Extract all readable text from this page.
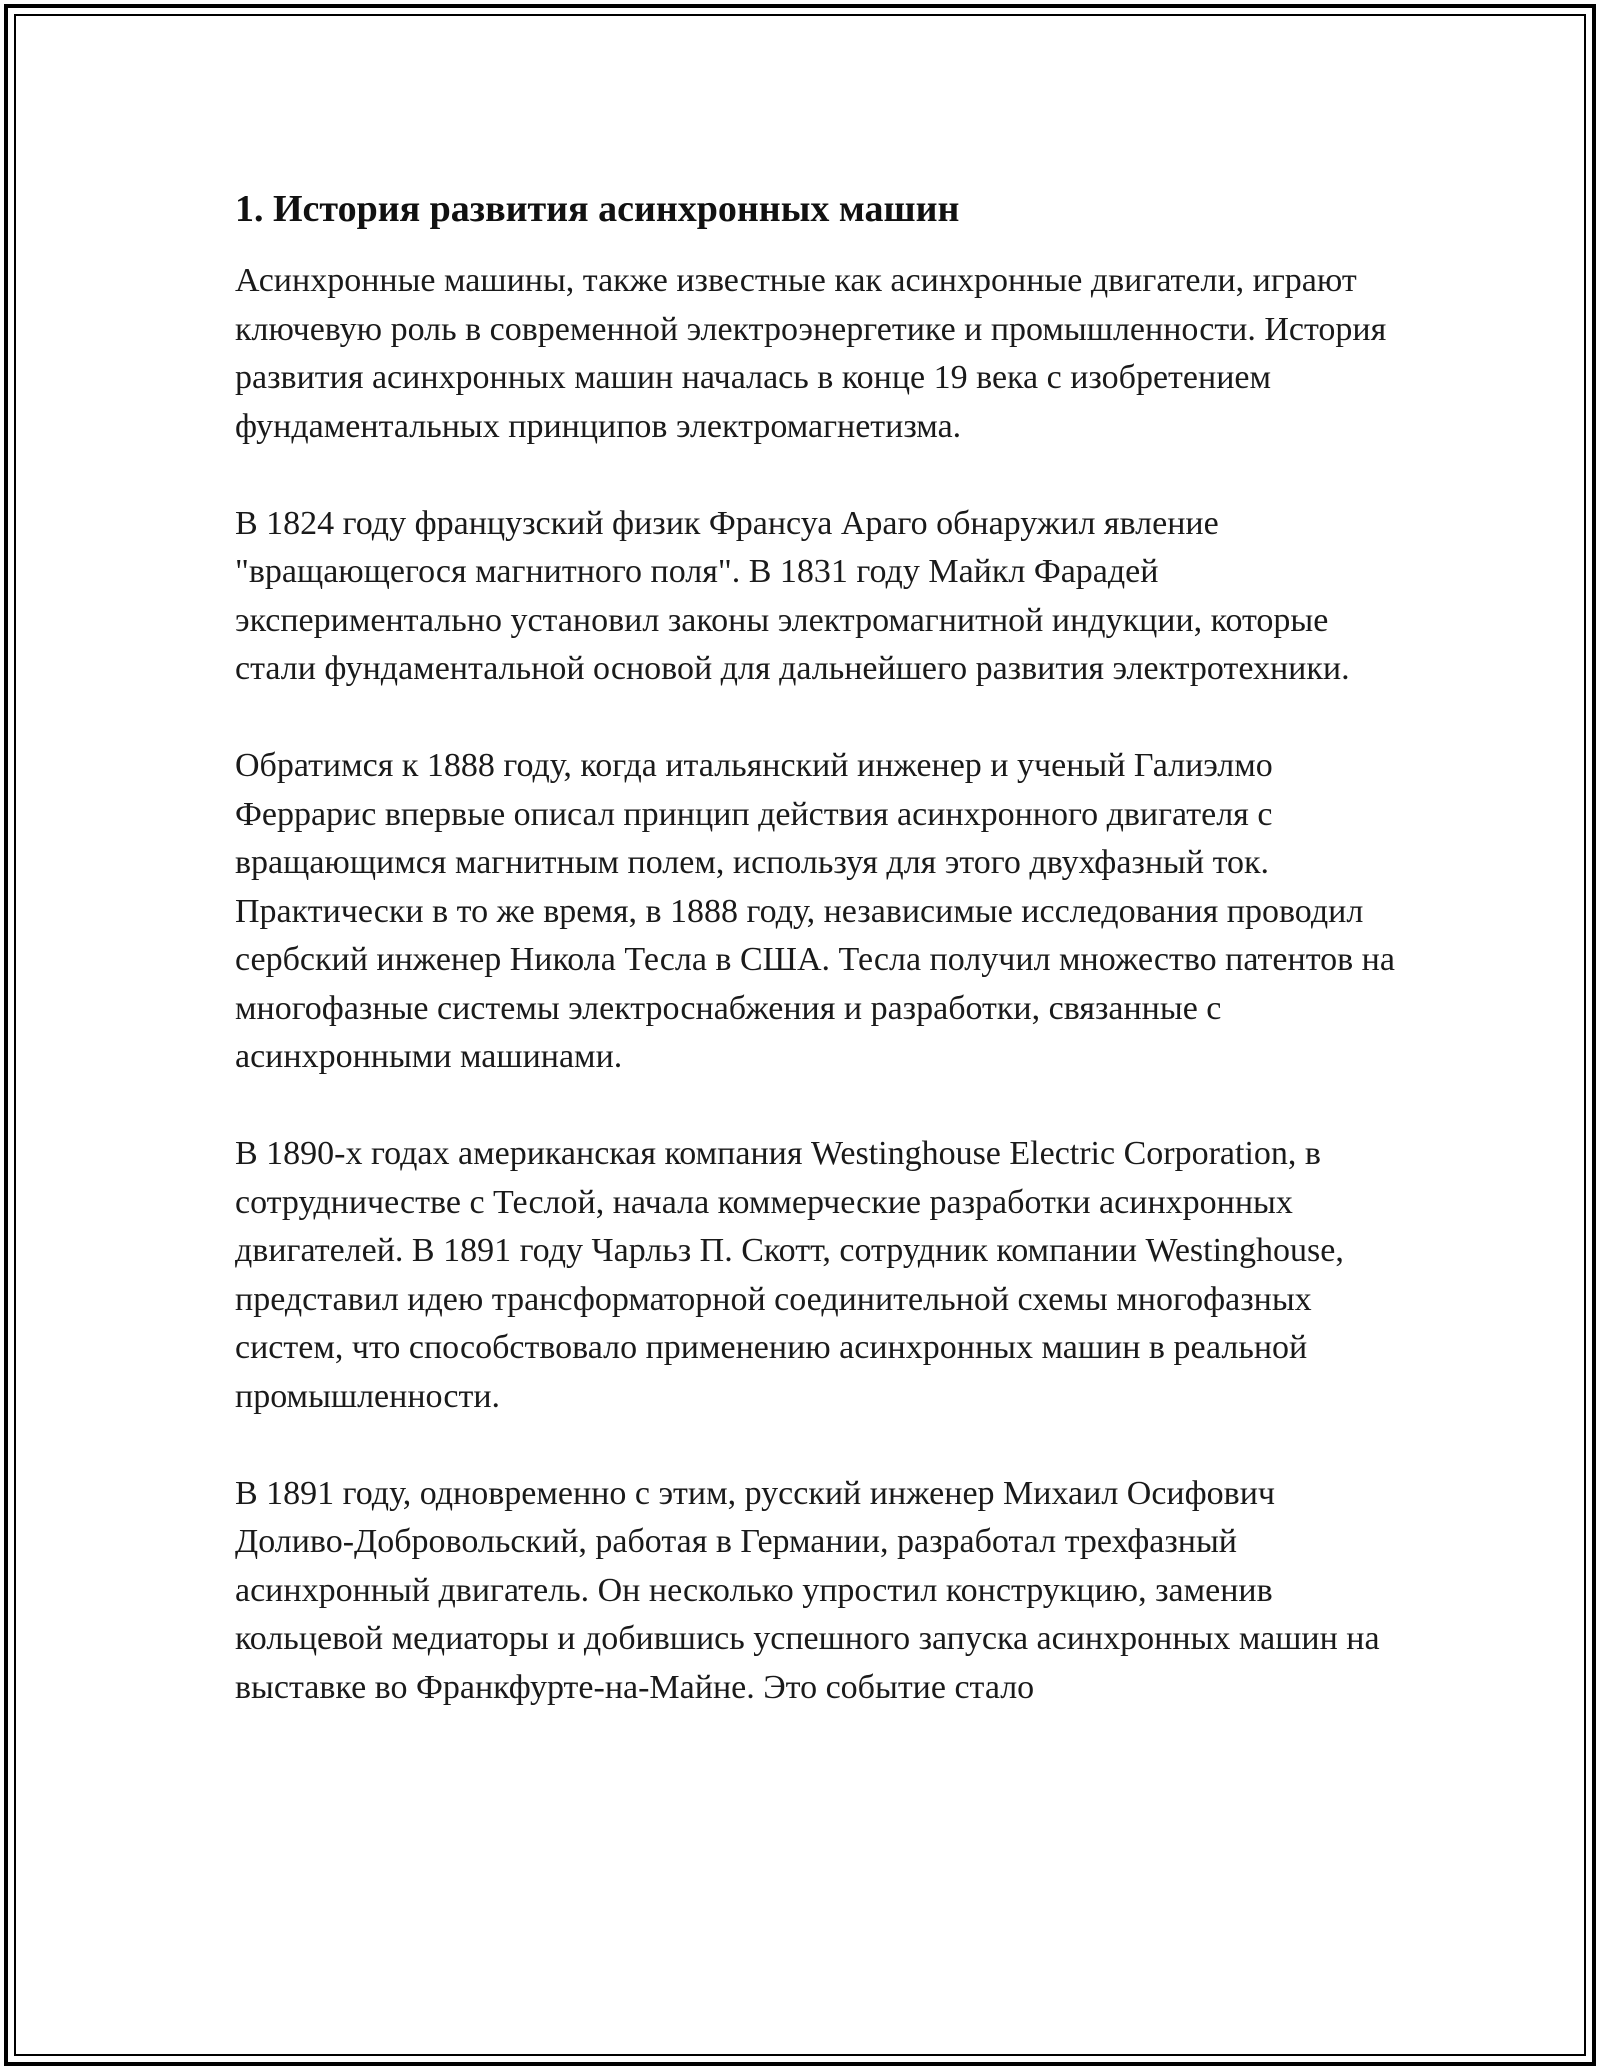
1. История развития асинхронных машин

Асинхронные машины, также известные как асинхронные двигатели, играют ключевую роль в современной электроэнергетике и промышленности. История развития асинхронных машин началась в конце 19 века с изобретением фундаментальных принципов электромагнетизма.

В 1824 году французский физик Франсуа Араго обнаружил явление "вращающегося магнитного поля". В 1831 году Майкл Фарадей экспериментально установил законы электромагнитной индукции, которые стали фундаментальной основой для дальнейшего развития электротехники.

Обратимся к 1888 году, когда итальянский инженер и ученый Галиэлмо Феррарис впервые описал принцип действия асинхронного двигателя с вращающимся магнитным полем, используя для этого двухфазный ток. Практически в то же время, в 1888 году, независимые исследования проводил сербский инженер Никола Тесла в США. Тесла получил множество патентов на многофазные системы электроснабжения и разработки, связанные с асинхронными машинами.

В 1890-х годах американская компания Westinghouse Electric Corporation, в сотрудничестве с Теслой, начала коммерческие разработки асинхронных двигателей. В 1891 году Чарльз П. Скотт, сотрудник компании Westinghouse, представил идею трансформаторной соединительной схемы многофазных систем, что способствовало применению асинхронных машин в реальной промышленности.

В 1891 году, одновременно с этим, русский инженер Михаил Осифович Доливо-Добровольский, работая в Германии, разработал трехфазный асинхронный двигатель. Он несколько упростил конструкцию, заменив кольцевой медиаторы и добившись успешного запуска асинхронных машин на выставке во Франкфурте-на-Майне. Это событие стало
